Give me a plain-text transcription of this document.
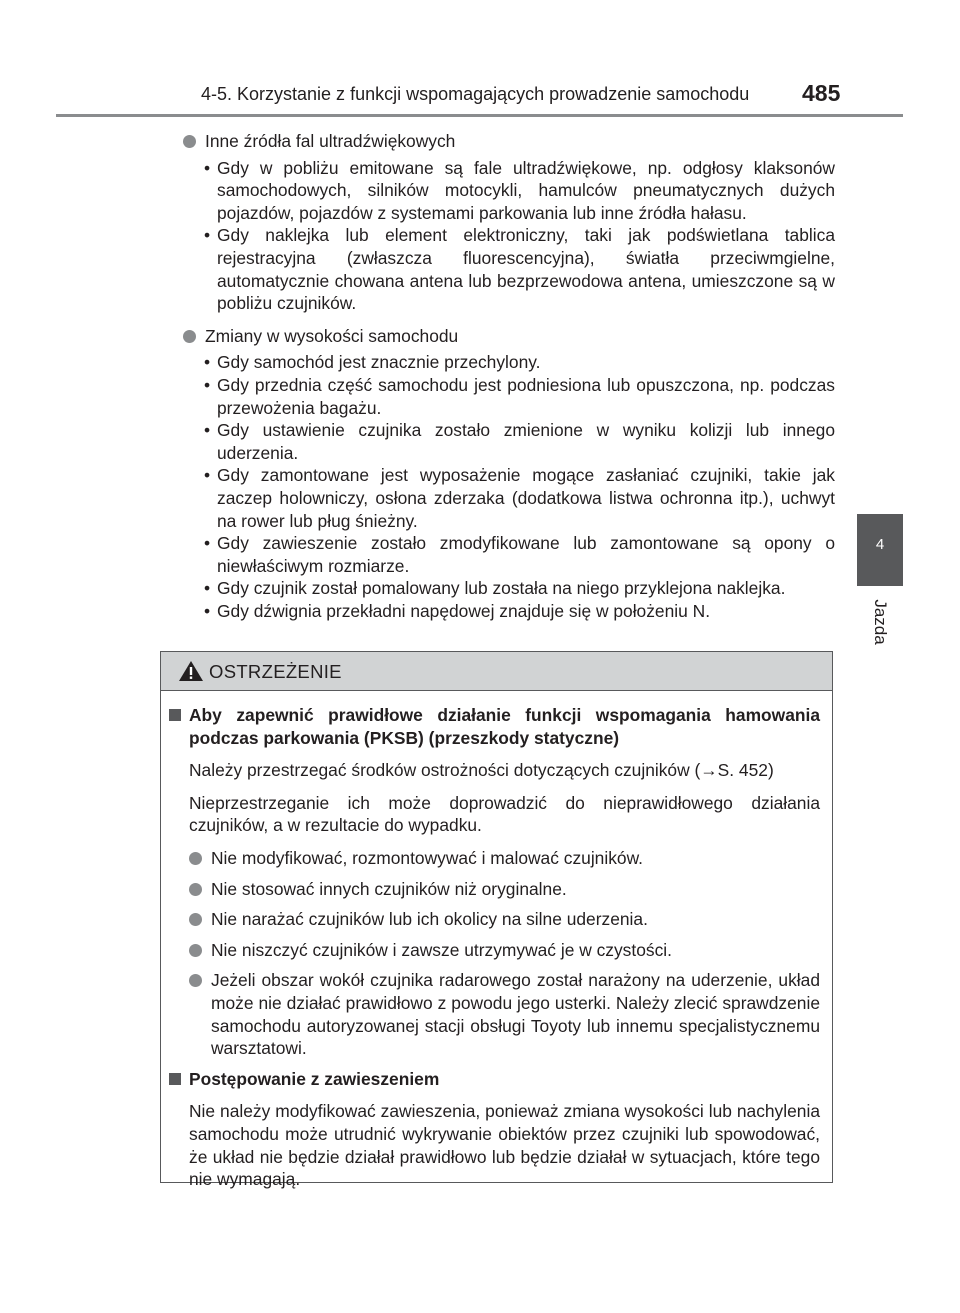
4-5. Korzystanie z funkcji wspomagających prowadzenie samochodu 485
4
Jazda
Inne źródła fal ultradźwiękowych
• Gdy w pobliżu emitowane są fale ultradźwiękowe, np. odgłosy klaksonów samochodowych, silników motocykli, hamulców pneumatycznych dużych pojazdów, pojazdów z systemami parkowania lub inne źródła hałasu.
• Gdy naklejka lub element elektroniczny, taki jak podświetlana tablica rejestracyjna (zwłaszcza fluorescencyjna), światła przeciwmgielne, automatycznie chowana antena lub bezprzewodowa antena, umieszczone są w pobliżu czujników.
Zmiany w wysokości samochodu
• Gdy samochód jest znacznie przechylony.
• Gdy przednia część samochodu jest podniesiona lub opuszczona, np. podczas przewożenia bagażu.
• Gdy ustawienie czujnika zostało zmienione w wyniku kolizji lub innego uderzenia.
• Gdy zamontowane jest wyposażenie mogące zasłaniać czujniki, takie jak zaczep holowniczy, osłona zderzaka (dodatkowa listwa ochronna itp.), uchwyt na rower lub pług śnieżny.
• Gdy zawieszenie zostało zmodyfikowane lub zamontowane są opony o niewłaściwym rozmiarze.
• Gdy czujnik został pomalowany lub została na niego przyklejona naklejka.
• Gdy dźwignia przekładni napędowej znajduje się w położeniu N.
OSTRZEŻENIE
Aby zapewnić prawidłowe działanie funkcji wspomagania hamowania podczas parkowania (PKSB) (przeszkody statyczne)
Należy przestrzegać środków ostrożności dotyczących czujników (→S. 452)
Nieprzestrzeganie ich może doprowadzić do nieprawidłowego działania czujników, a w rezultacie do wypadku.
Nie modyfikować, rozmontowywać i malować czujników.
Nie stosować innych czujników niż oryginalne.
Nie narażać czujników lub ich okolicy na silne uderzenia.
Nie niszczyć czujników i zawsze utrzymywać je w czystości.
Jeżeli obszar wokół czujnika radarowego został narażony na uderzenie, układ może nie działać prawidłowo z powodu jego usterki. Należy zlecić sprawdzenie samochodu autoryzowanej stacji obsługi Toyoty lub innemu specjalistycznemu warsztatowi.
Postępowanie z zawieszeniem
Nie należy modyfikować zawieszenia, ponieważ zmiana wysokości lub nachylenia samochodu może utrudnić wykrywanie obiektów przez czujniki lub spowodować, że układ nie będzie działał prawidłowo lub będzie działał w sytuacjach, które tego nie wymagają.
